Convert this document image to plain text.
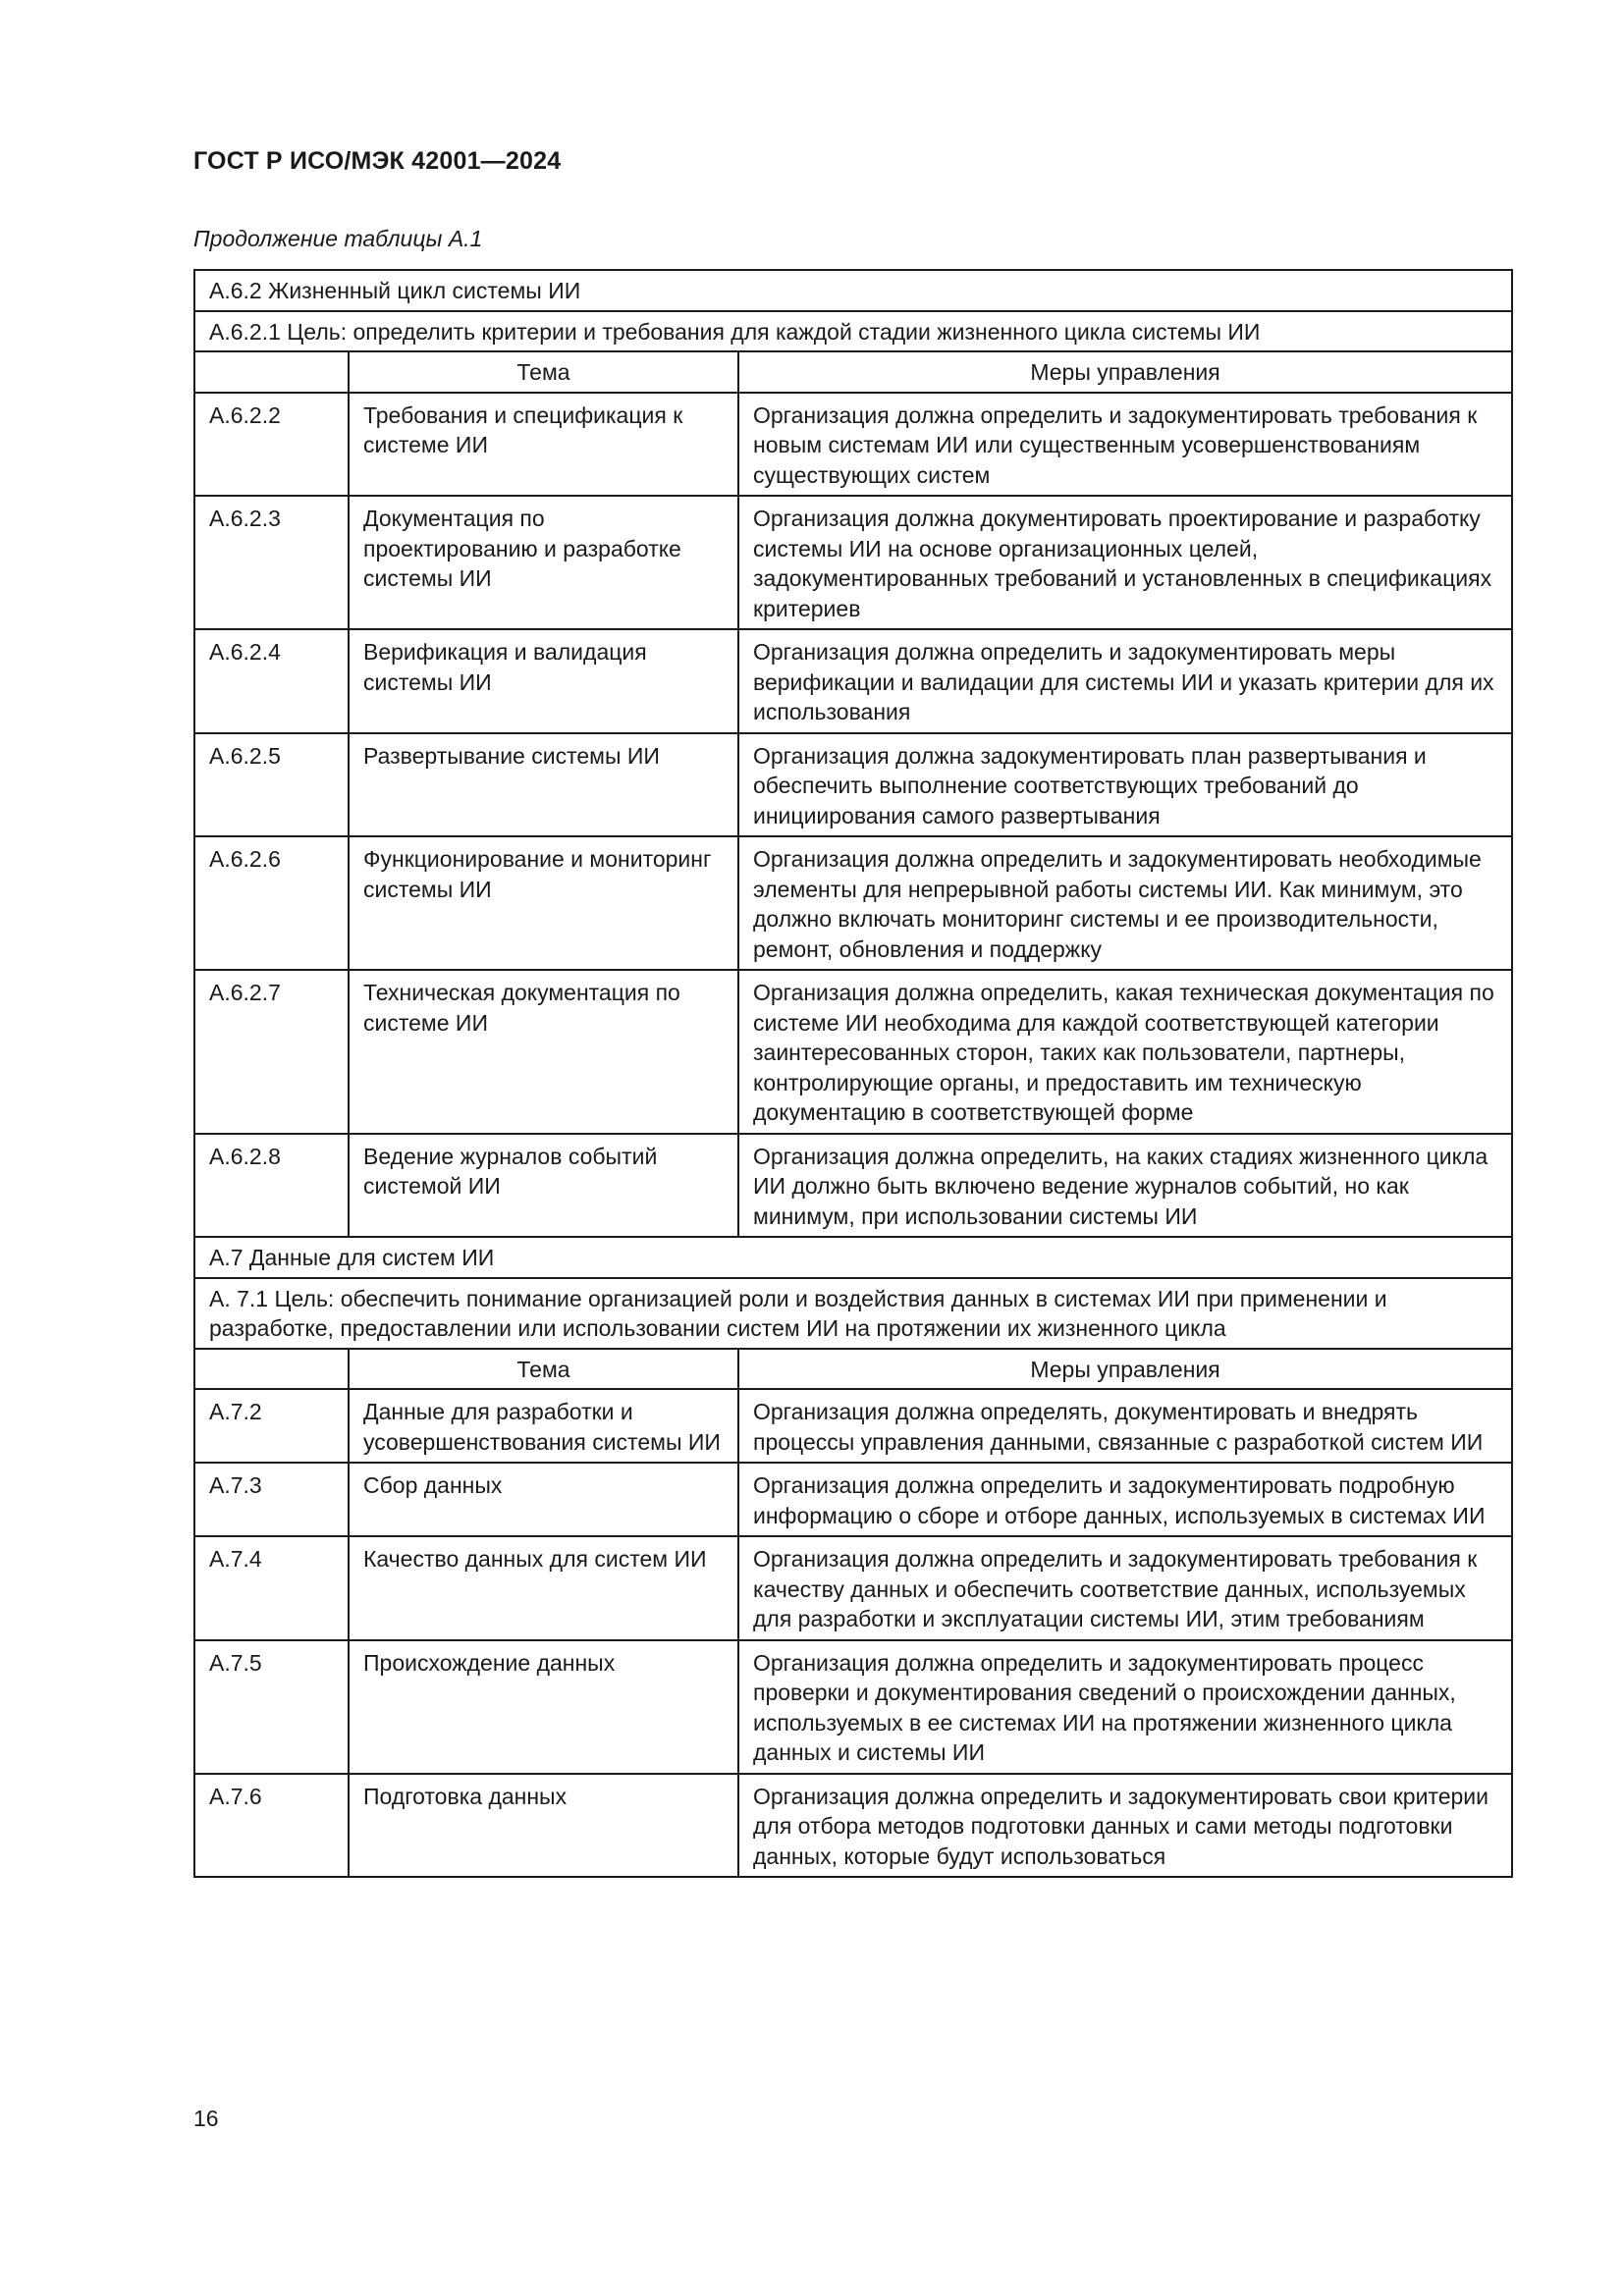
ГОСТ Р ИСО/МЭК 42001—2024
Продолжение таблицы А.1
А.6.2 Жизненный цикл системы ИИ		
А.6.2.1 Цель: определить критерии и требования для каждой стадии жизненного цикла системы ИИ		
	Тема	Меры управления
А.6.2.2	Требования и спецификация к системе ИИ	Организация должна определить и задокументировать требования к новым системам ИИ или существенным усовершенствованиям существующих систем
А.6.2.3	Документация по проектированию и разработке системы ИИ	Организация должна документировать проектирование и разработку системы ИИ на основе организационных целей, задокументированных требований и установленных в спецификациях критериев
А.6.2.4	Верификация и валидация системы ИИ	Организация должна определить и задокументировать меры верификации и валидации для системы ИИ и указать критерии для их использования
А.6.2.5	Развертывание системы ИИ	Организация должна задокументировать план развертывания и обеспечить выполнение соответствующих требований до инициирования самого развертывания
А.6.2.6	Функционирование и мониторинг системы ИИ	Организация должна определить и задокументировать необходимые элементы для непрерывной работы системы ИИ. Как минимум, это должно включать мониторинг системы и ее производительности, ремонт, обновления и поддержку
А.6.2.7	Техническая документация по системе ИИ	Организация должна определить, какая техническая документация по системе ИИ необходима для каждой соответствующей категории заинтересованных сторон, таких как пользователи, партнеры, контролирующие органы, и предоставить им техническую документацию в соответствующей форме
А.6.2.8	Ведение журналов событий системой ИИ	Организация должна определить, на каких стадиях жизненного цикла ИИ должно быть включено ведение журналов событий, но как минимум, при использовании системы ИИ
А.7 Данные для систем ИИ		
А. 7.1 Цель: обеспечить понимание организацией роли и воздействия данных в системах ИИ при применении и разработке, предоставлении или использовании систем ИИ на протяжении их жизненного цикла		
	Тема	Меры управления
А.7.2	Данные для разработки и усовершенствования системы ИИ	Организация должна определять, документировать и внедрять процессы управления данными, связанные с разработкой систем ИИ
А.7.3	Сбор данных	Организация должна определить и задокументировать подробную информацию о сборе и отборе данных, используемых в системах ИИ
А.7.4	Качество данных для систем ИИ	Организация должна определить и задокументировать требования к качеству данных и обеспечить соответствие данных, используемых для разработки и эксплуатации системы ИИ, этим требованиям
А.7.5	Происхождение данных	Организация должна определить и задокументировать процесс проверки и документирования сведений о происхождении данных, используемых в ее системах ИИ на протяжении жизненного цикла данных и системы ИИ
А.7.6	Подготовка данных	Организация должна определить и задокументировать свои критерии для отбора методов подготовки данных и сами методы подготовки данных, которые будут использоваться
16
